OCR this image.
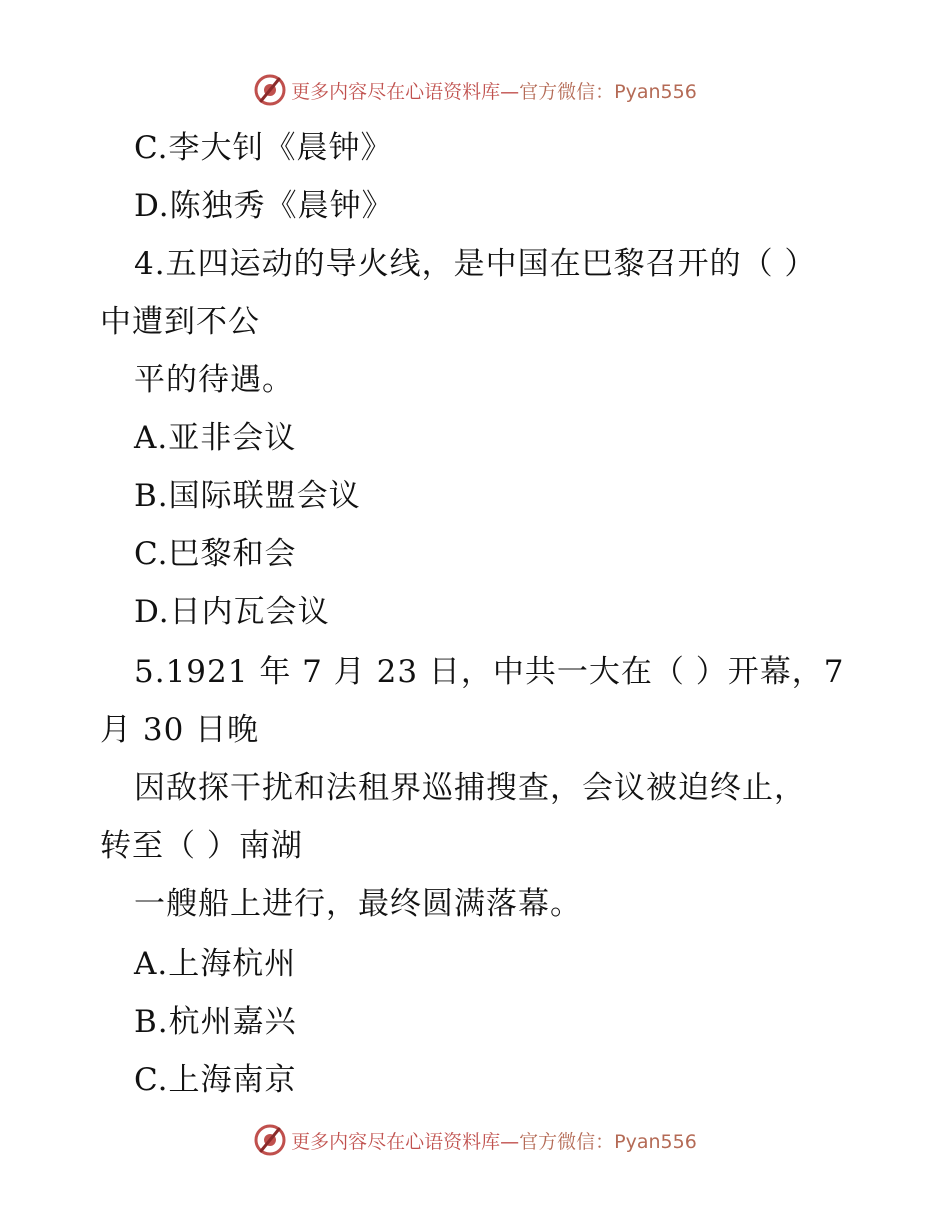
更多内容尽在心语资料库—官方微信：Pyan556
C.李大钊《晨钟》
D.陈独秀《晨钟》
4.五四运动的导火线，是中国在巴黎召开的（ ）
中遭到不公
平的待遇。
A.亚非会议
B.国际联盟会议
C.巴黎和会
D.日内瓦会议
5.1921 年 7 月 23 日，中共一大在（ ）开幕，7
月 30 日晚
因敌探干扰和法租界巡捕搜查，会议被迫终止，
转至（ ）南湖
一艘船上进行，最终圆满落幕。
A.上海杭州
B.杭州嘉兴
C.上海南京
更多内容尽在心语资料库—官方微信：Pyan556
